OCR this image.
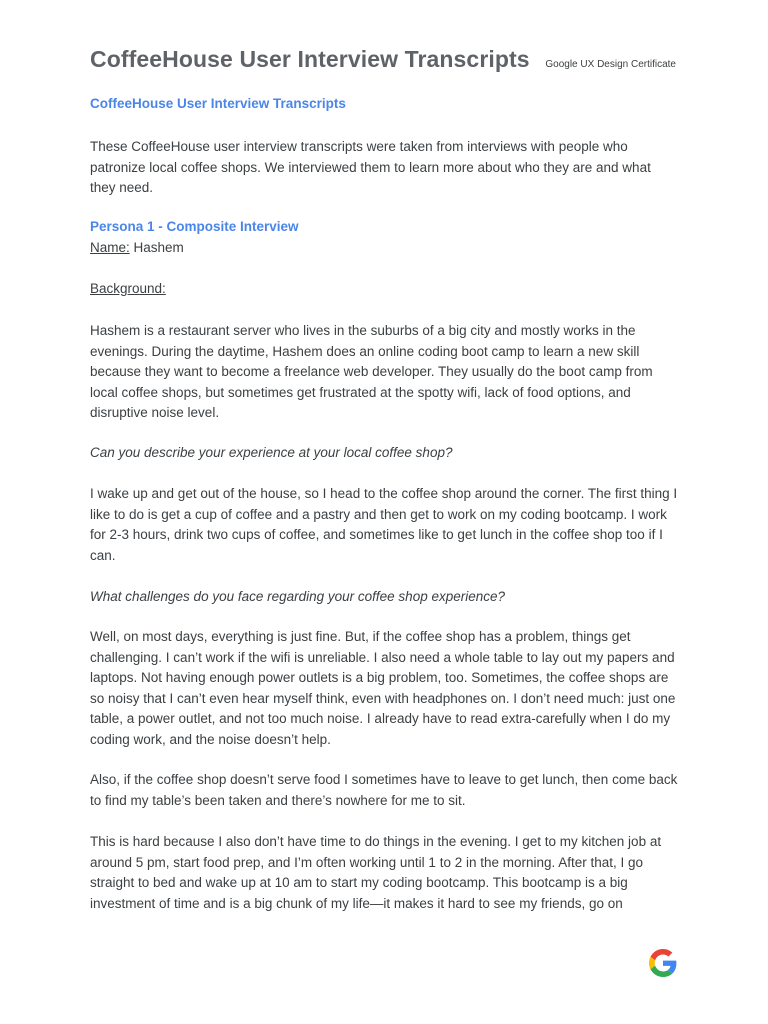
CoffeeHouse User Interview Transcripts Google UX Design Certificate
CoffeeHouse User Interview Transcripts
These CoffeeHouse user interview transcripts were taken from interviews with people who patronize local coffee shops. We interviewed them to learn more about who they are and what they need.
Persona 1 - Composite Interview
Name: Hashem
Background:
Hashem is a restaurant server who lives in the suburbs of a big city and mostly works in the evenings. During the daytime, Hashem does an online coding boot camp to learn a new skill because they want to become a freelance web developer. They usually do the boot camp from local coffee shops, but sometimes get frustrated at the spotty wifi, lack of food options, and disruptive noise level.
Can you describe your experience at your local coffee shop?
I wake up and get out of the house, so I head to the coffee shop around the corner. The first thing I like to do is get a cup of coffee and a pastry and then get to work on my coding bootcamp. I work for 2-3 hours, drink two cups of coffee, and sometimes like to get lunch in the coffee shop too if I can.
What challenges do you face regarding your coffee shop experience?
Well, on most days, everything is just fine. But, if the coffee shop has a problem, things get challenging. I can’t work if the wifi is unreliable. I also need a whole table to lay out my papers and laptops. Not having enough power outlets is a big problem, too. Sometimes, the coffee shops are so noisy that I can’t even hear myself think, even with headphones on. I don’t need much: just one table, a power outlet, and not too much noise. I already have to read extra-carefully when I do my coding work, and the noise doesn’t help.
Also, if the coffee shop doesn’t serve food I sometimes have to leave to get lunch, then come back to find my table’s been taken and there’s nowhere for me to sit.
This is hard because I also don’t have time to do things in the evening. I get to my kitchen job at around 5 pm, start food prep, and I’m often working until 1 to 2 in the morning. After that, I go straight to bed and wake up at 10 am to start my coding bootcamp. This bootcamp is a big investment of time and is a big chunk of my life—it makes it hard to see my friends, go on
